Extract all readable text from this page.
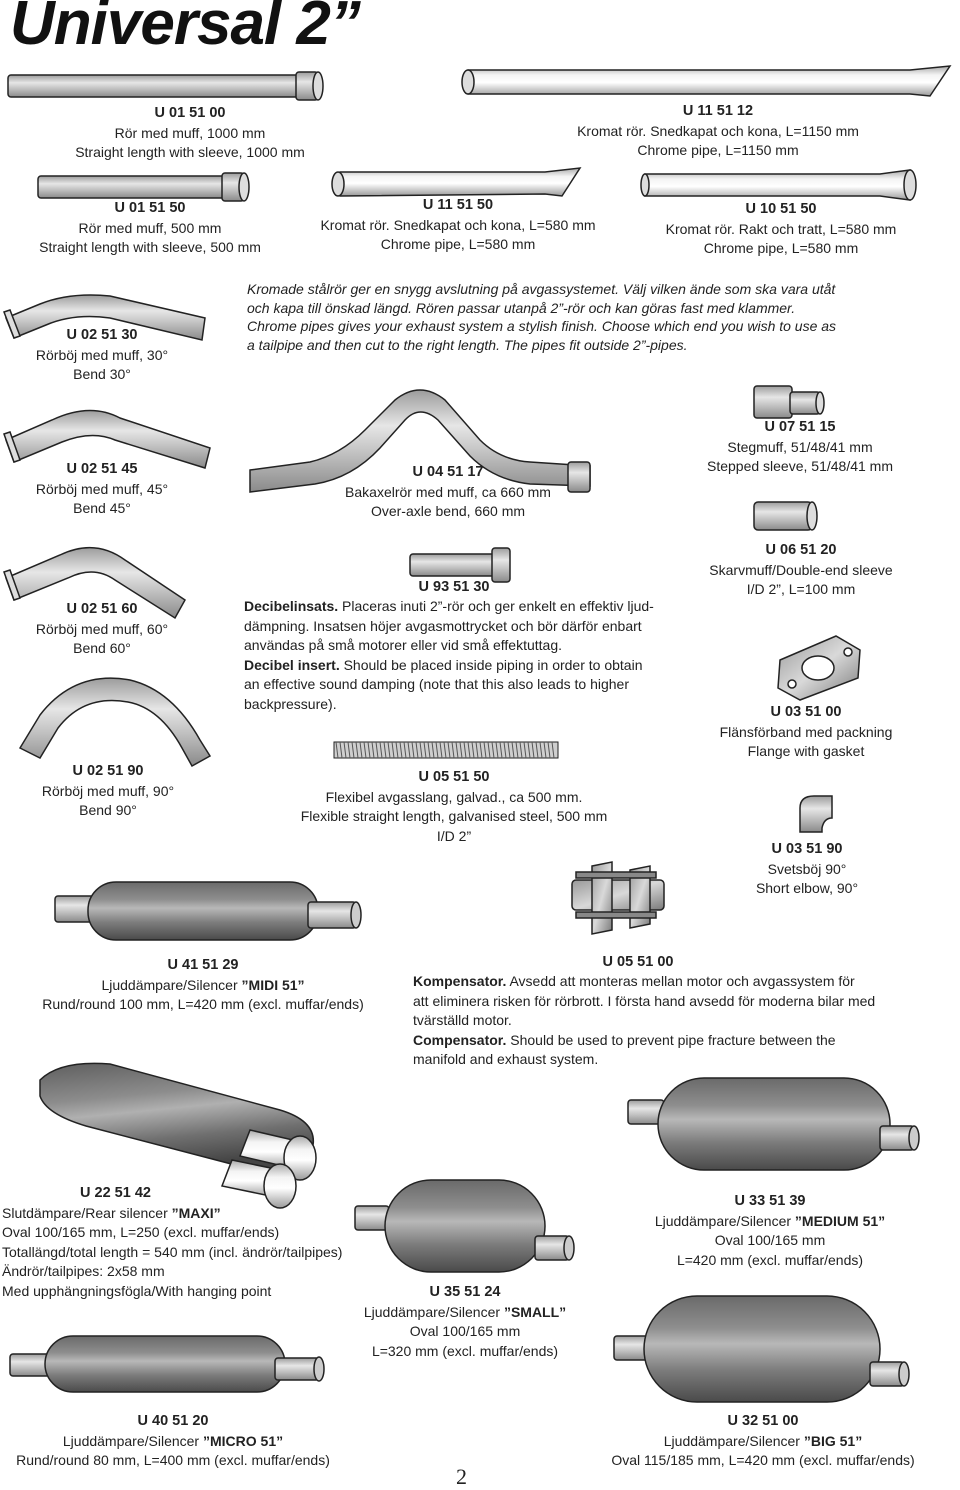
Universal 2”
U 01 51 00
Rör med muff, 1000 mm
Straight length with sleeve, 1000 mm
U 11 51 12
Kromat rör. Snedkapat och kona, L=1150 mm
Chrome pipe, L=1150 mm
U 01 51 50
Rör med muff, 500 mm
Straight length with sleeve, 500 mm
U 11 51 50
Kromat rör. Snedkapat och kona, L=580 mm
Chrome pipe, L=580 mm
U 10 51 50
Kromat rör. Rakt och tratt, L=580 mm
Chrome pipe, L=580 mm
U 02 51 30
Rörböj med muff, 30°
Bend 30°
Kromade stålrör ger en snygg avslutning på avgassystemet. Välj vilken ände som ska vara utåt
och kapa till önskad längd. Rören passar utanpå 2”-rör och kan göras fast med klammer.
Chrome pipes gives your exhaust system a stylish finish. Choose which end you wish to use as
a tailpipe and then cut to the right length. The pipes fit outside 2”-pipes.
U 02 51 45
Rörböj med muff, 45°
Bend 45°
U 04 51 17
Bakaxelrör med muff, ca 660 mm
Over-axle bend, 660 mm
U 07 51 15
Stegmuff, 51/48/41 mm
Stepped sleeve, 51/48/41 mm
U 02 51 60
Rörböj med muff, 60°
Bend 60°
U 06 51 20
Skarvmuff/Double-end sleeve
I/D 2”, L=100 mm
U 93 51 30
Decibelinsats. Placeras inuti 2”-rör och ger enkelt en effektiv ljud-
dämpning. Insatsen höjer avgasmottrycket och bör därför enbart
användas på små motorer eller vid små effektuttag.
Decibel insert. Should be placed inside piping in order to obtain
an effective sound damping (note that this also leads to higher
backpressure).
U 03 51 00
Flänsförband med packning
Flange with gasket
U 02 51 90
Rörböj med muff, 90°
Bend 90°
U 05 51 50
Flexibel avgasslang, galvad., ca 500 mm.
Flexible straight length, galvanised steel, 500 mm
I/D 2”
U 03 51 90
Svetsböj 90°
Short elbow, 90°
U 41 51 29
Ljuddämpare/Silencer ”MIDI 51”
Rund/round 100 mm, L=420 mm (excl. muffar/ends)
U 05 51 00
Kompensator. Avsedd att monteras mellan motor och avgassystem för
att eliminera risken för rörbrott. I första hand avsedd för moderna bilar med
tvärställd motor.
Compensator. Should be used to prevent pipe fracture between the
manifold and exhaust system.
U 22 51 42
Slutdämpare/Rear silencer ”MAXI”
Oval 100/165 mm, L=250 (excl. muffar/ends)
Totallängd/total length = 540 mm (incl. ändrör/tailpipes)
Ändrör/tailpipes: 2x58 mm
Med upphängningsfögla/With hanging point
U 33 51 39
Ljuddämpare/Silencer ”MEDIUM 51”
Oval 100/165 mm
L=420 mm (excl. muffar/ends)
U 35 51 24
Ljuddämpare/Silencer ”SMALL”
Oval 100/165 mm
L=320 mm (excl. muffar/ends)
U 40 51 20
Ljuddämpare/Silencer ”MICRO 51”
Rund/round 80 mm, L=400 mm (excl. muffar/ends)
U 32 51 00
Ljuddämpare/Silencer ”BIG 51”
Oval 115/185 mm, L=420 mm (excl. muffar/ends)
2
